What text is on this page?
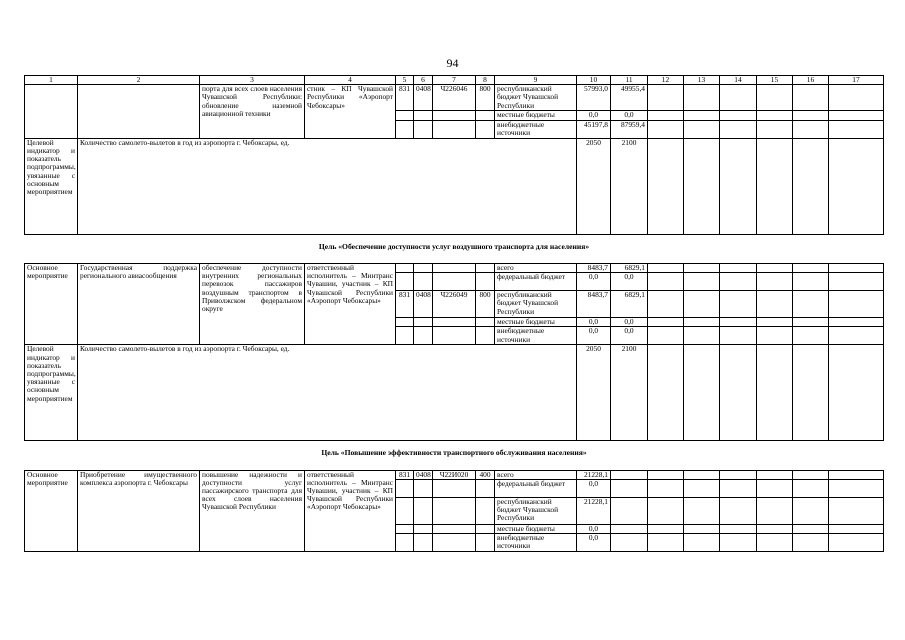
94
1	2	3	4	5	6	7	8	9	10	11	12	13	14	15	16	17
		порта для всех слоев населения Чувашской Республики: обновление наземной авиационной техники	стник – КП Чувашской Республики «Аэропорт Чебоксары»	831	0408	Ч226046	800	республиканский бюджет Чувашской Республики	57993,0	49955,4						
								местные бюджеты	0,0	0,0						
								внебюджетные источники	45197,8	87959,4						
Целевой индикатор и показатель подпрограммы, увязанные с основным мероприятием	Количество самолето-вылетов в год из аэропорта г. Чебоксары, ед.								2050	2100						
Цель «Обеспечение доступности услуг воздушного транспорта для населения»																
Основное мероприятие	Государственная поддержка регионального авиасообщения	обеспечение доступности внутренних региональных перевозок пассажиров воздушным транспортом в Приволжском федеральном округе	ответственный исполнитель – Минтранс Чувашии, участник – КП Чувашской Республики «Аэропорт Чебоксары»					всего	8483,7	6829,1						
								федеральный бюджет	0,0	0,0						
				831	0408	Ч226049	800	республиканский бюджет Чувашской Республики	8483,7	6829,1						
								местные бюджеты	0,0	0,0						
								внебюджетные источники	0,0	0,0						
Целевой индикатор и показатель подпрограммы, увязанные с основным мероприятием	Количество самолето-вылетов в год из аэропорта г. Чебоксары, ед.								2050	2100						
Цель «Повышение эффективности транспортного обслуживания населения»																
Основное мероприятие	Приобретение имущественного комплекса аэропорта г. Чебоксары	повышение надежности и доступности услуг пассажирского транспорта для всех слоев населения Чувашской Республики	ответственный исполнитель – Минтранс Чувашии, участник – КП Чувашской Республики «Аэропорт Чебоксары»	831	0408	Ч22И020	400	всего	21228,1							
								федеральный бюджет	0,0							
								республиканский бюджет Чувашской Республики	21228,1							
								местные бюджеты	0,0							
								внебюджетные источники	0,0							
